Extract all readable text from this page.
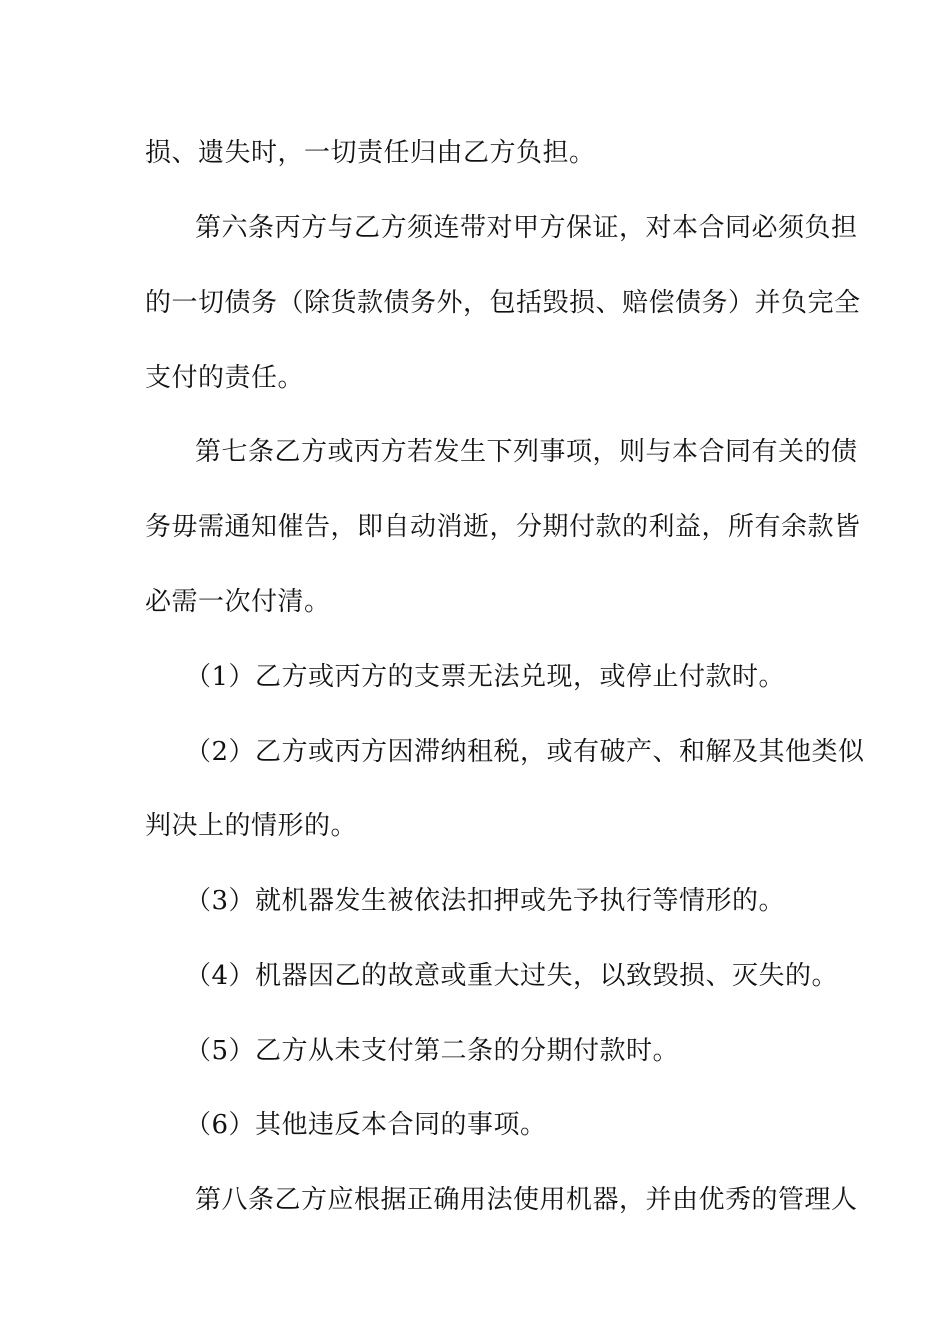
损、遗失时，一切责任归由乙方负担。
第六条丙方与乙方须连带对甲方保证，对本合同必须负担
的一切债务（除货款债务外，包括毁损、赔偿债务）并负完全
支付的责任。
第七条乙方或丙方若发生下列事项，则与本合同有关的债
务毋需通知催告，即自动消逝，分期付款的利益，所有余款皆
必需一次付清。
（1）乙方或丙方的支票无法兑现，或停止付款时。
（2）乙方或丙方因滞纳租税，或有破产、和解及其他类似
判决上的情形的。
（3）就机器发生被依法扣押或先予执行等情形的。
（4）机器因乙的故意或重大过失，以致毁损、灭失的。
（5）乙方从未支付第二条的分期付款时。
（6）其他违反本合同的事项。
第八条乙方应根据正确用法使用机器，并由优秀的管理人
